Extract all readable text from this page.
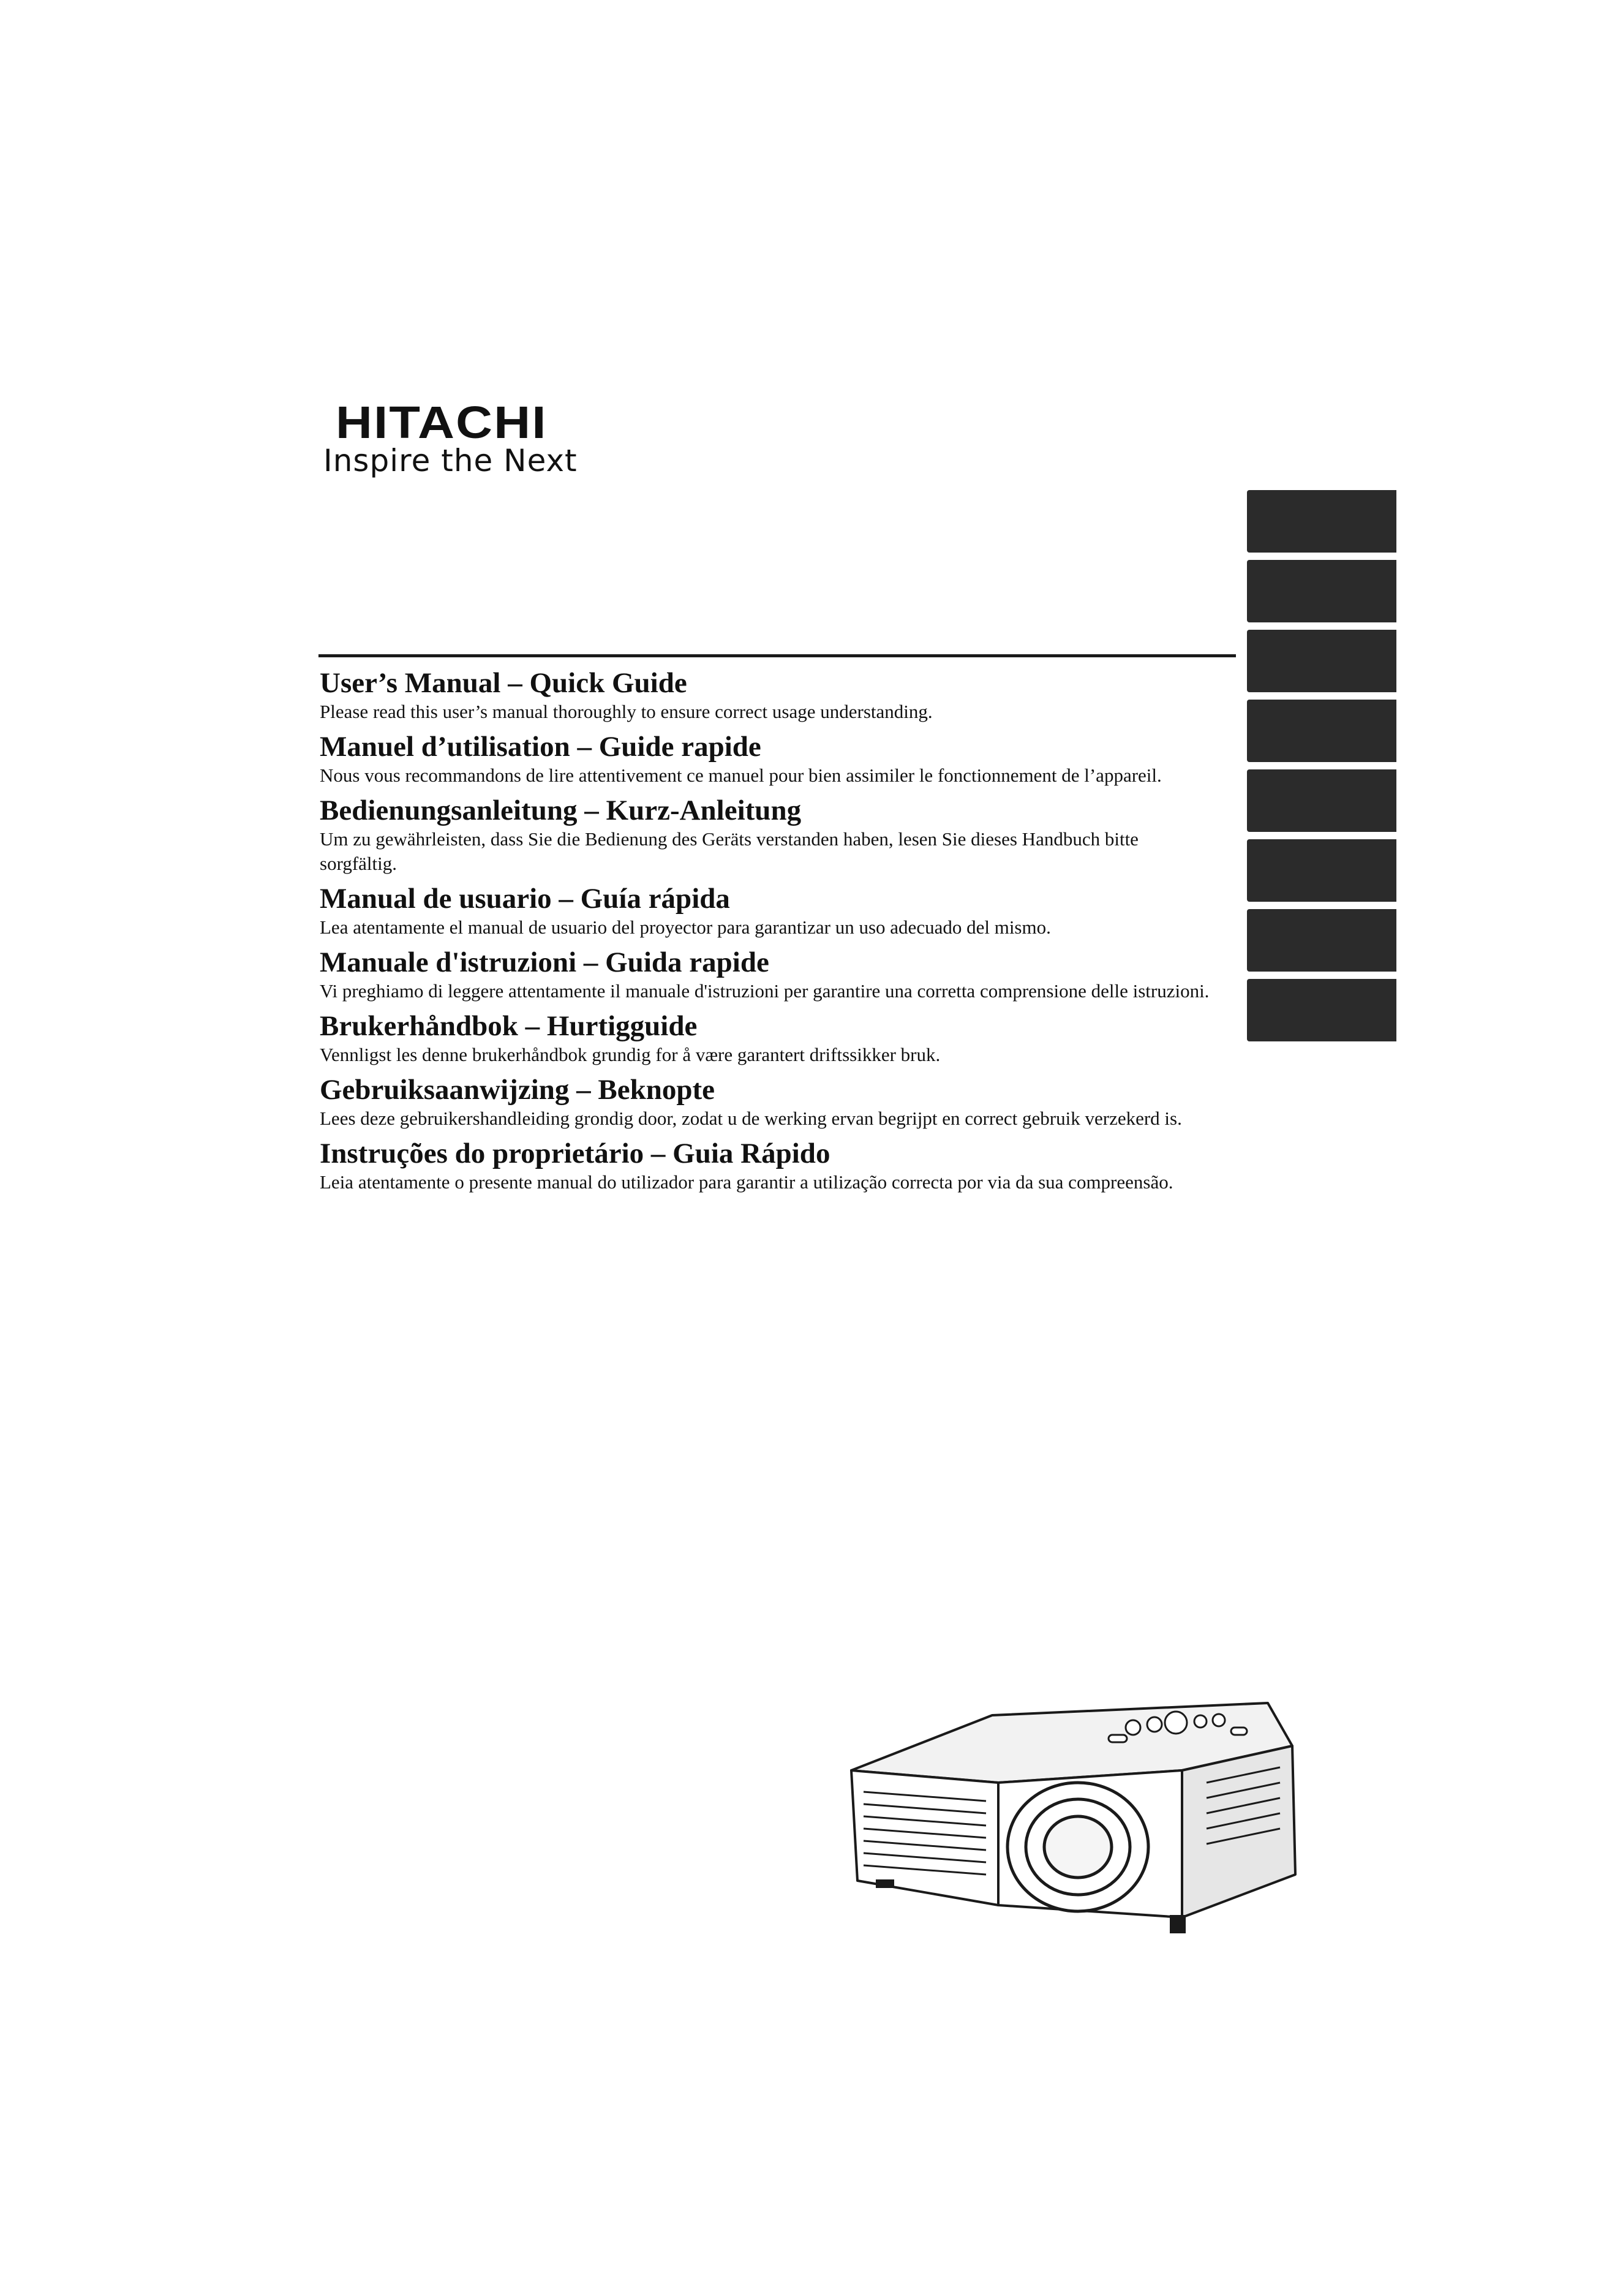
HITACHI
Inspire the Next
User’s Manual – Quick Guide
Please read this user’s manual thoroughly to ensure correct usage understanding.
Manuel d’utilisation – Guide rapide
Nous vous recommandons de lire attentivement ce manuel pour bien assimiler le fonctionnement de l’appareil.
Bedienungsanleitung – Kurz-Anleitung
Um zu gewährleisten, dass Sie die Bedienung des Geräts verstanden haben, lesen Sie dieses Handbuch bitte sorgfältig.
Manual de usuario – Guía rápida
Lea atentamente el manual de usuario del proyector para garantizar un uso adecuado del mismo.
Manuale d'istruzioni – Guida rapide
Vi preghiamo di leggere attentamente il manuale d'istruzioni per garantire una corretta comprensione delle istruzioni.
Brukerhåndbok – Hurtigguide
Vennligst les denne brukerhåndbok grundig for å være garantert driftssikker bruk.
Gebruiksaanwijzing – Beknopte
Lees deze gebruikershandleiding grondig door, zodat u de werking ervan begrijpt en correct gebruik verzekerd is.
Instruções do proprietário – Guia Rápido
Leia atentamente o presente manual do utilizador para garantir a utilização correcta por via da sua compreensão.
